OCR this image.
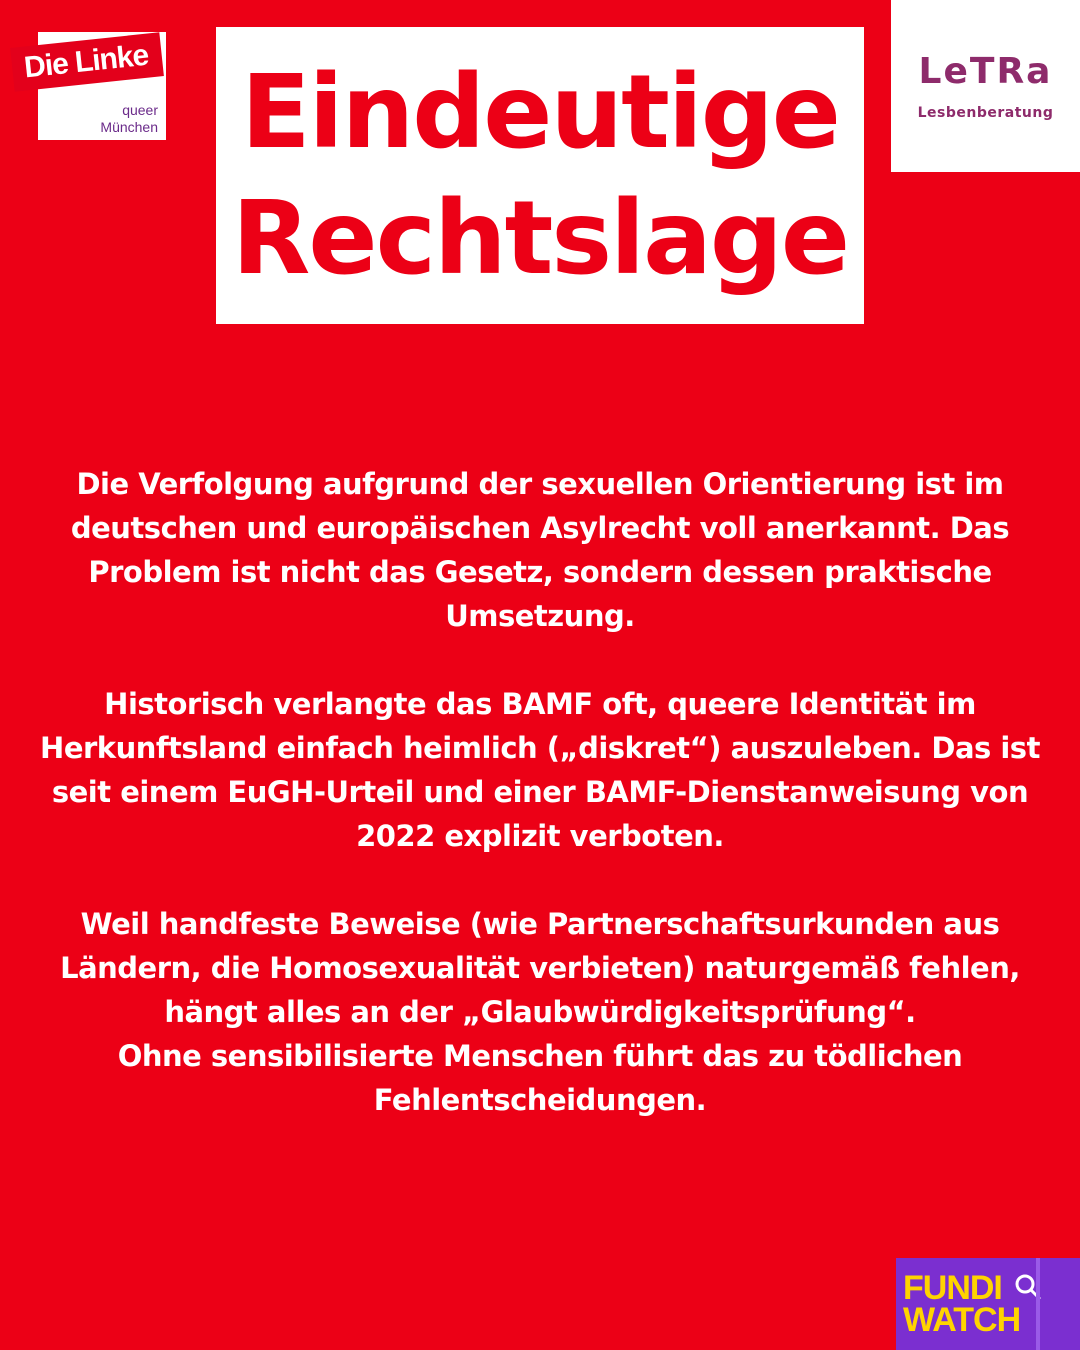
Die Linke
queer
München Eindeutige
Rechtslage
LeTRa
Lesbenberatung

Die Verfolgung aufgrund der sexuellen Orientierung ist im deutschen und europäischen Asylrecht voll anerkannt. Das Problem ist nicht das Gesetz, sondern dessen praktische Umsetzung.

Historisch verlangte das BAMF oft, queere Identität im Herkunftsland einfach heimlich („diskret“) auszuleben. Das ist seit einem EuGH-Urteil und einer BAMF-Dienstanweisung von 2022 explizit verboten.

Weil handfeste Beweise (wie Partnerschaftsurkunden aus Ländern, die Homosexualität verbieten) naturgemäß fehlen, hängt alles an der „Glaubwürdigkeitsprüfung“.

Ohne sensibilisierte Menschen führt das zu tödlichen Fehlentscheidungen.

FUNDI
WATCH
